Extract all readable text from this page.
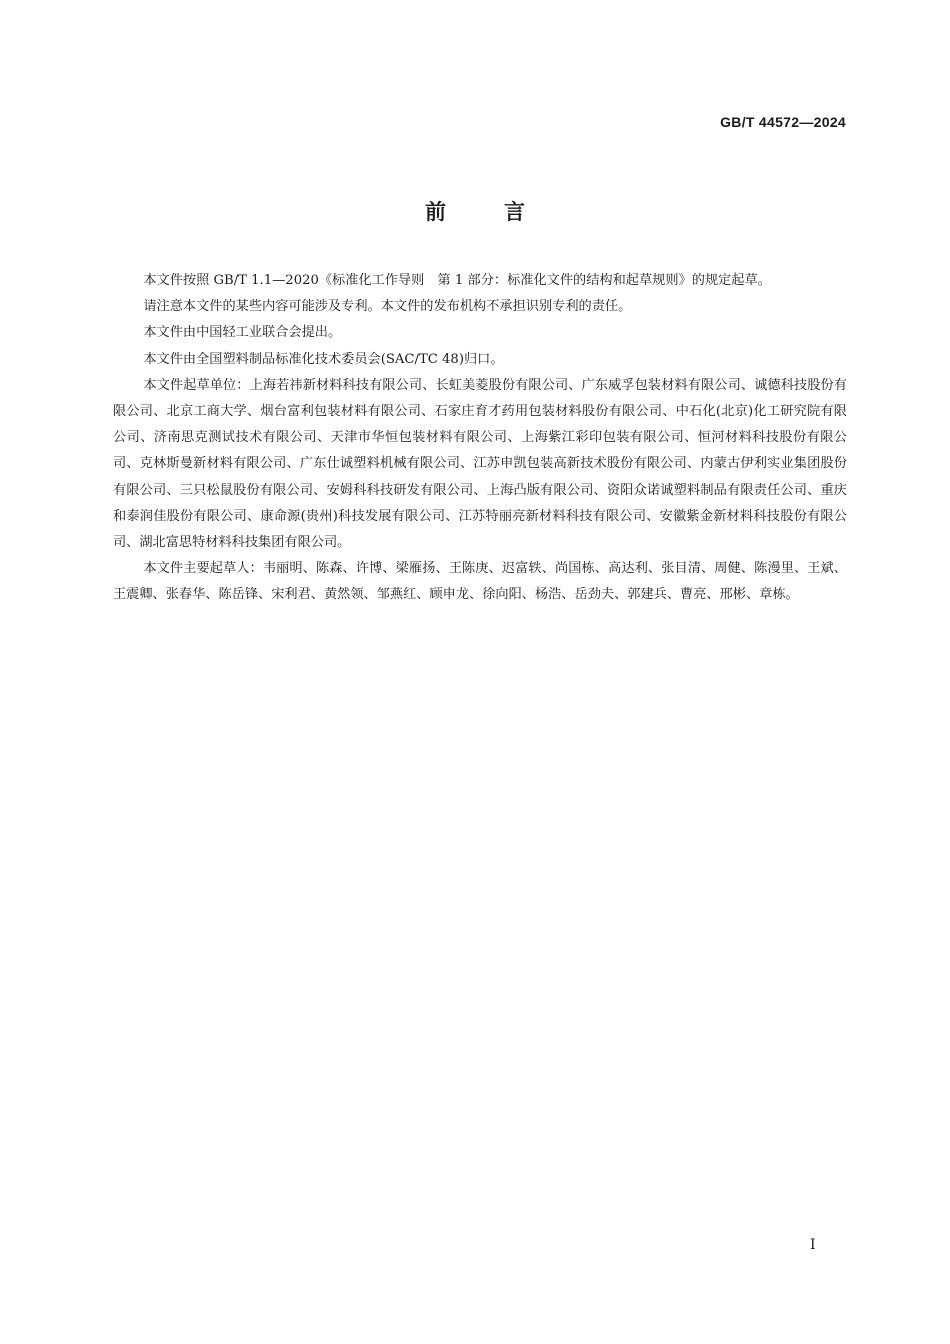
GB/T 44572—2024
前言

本文件按照 GB/T 1.1—2020《标准化工作导则　第 1 部分：标准化文件的结构和起草规则》的规定起草。

请注意本文件的某些内容可能涉及专利。本文件的发布机构不承担识别专利的责任。

本文件由中国轻工业联合会提出。

本文件由全国塑料制品标准化技术委员会(SAC/TC 48)归口。

本文件起草单位：上海若祎新材料科技有限公司、长虹美菱股份有限公司、广东威孚包装材料有限公司、诚德科技股份有限公司、北京工商大学、烟台富利包装材料有限公司、石家庄育才药用包装材料股份有限公司、中石化(北京)化工研究院有限公司、济南思克测试技术有限公司、天津市华恒包装材料有限公司、上海紫江彩印包装有限公司、恒河材料科技股份有限公司、克林斯曼新材料有限公司、广东仕诚塑料机械有限公司、江苏申凯包装高新技术股份有限公司、内蒙古伊利实业集团股份有限公司、三只松鼠股份有限公司、安姆科科技研发有限公司、上海凸版有限公司、资阳众诺诚塑料制品有限责任公司、重庆和泰润佳股份有限公司、康命源(贵州)科技发展有限公司、江苏特丽亮新材料科技有限公司、安徽紫金新材料科技股份有限公司、湖北富思特材料科技集团有限公司。

本文件主要起草人：韦丽明、陈森、许博、梁雁扬、王陈庚、迟富轶、尚国栋、高达利、张目清、周健、陈漫里、王斌、王震卿、张春华、陈岳锋、宋利君、黄然领、邹燕红、顾申龙、徐向阳、杨浩、岳劲夫、郭建兵、曹亮、邢彬、章栋。

I
